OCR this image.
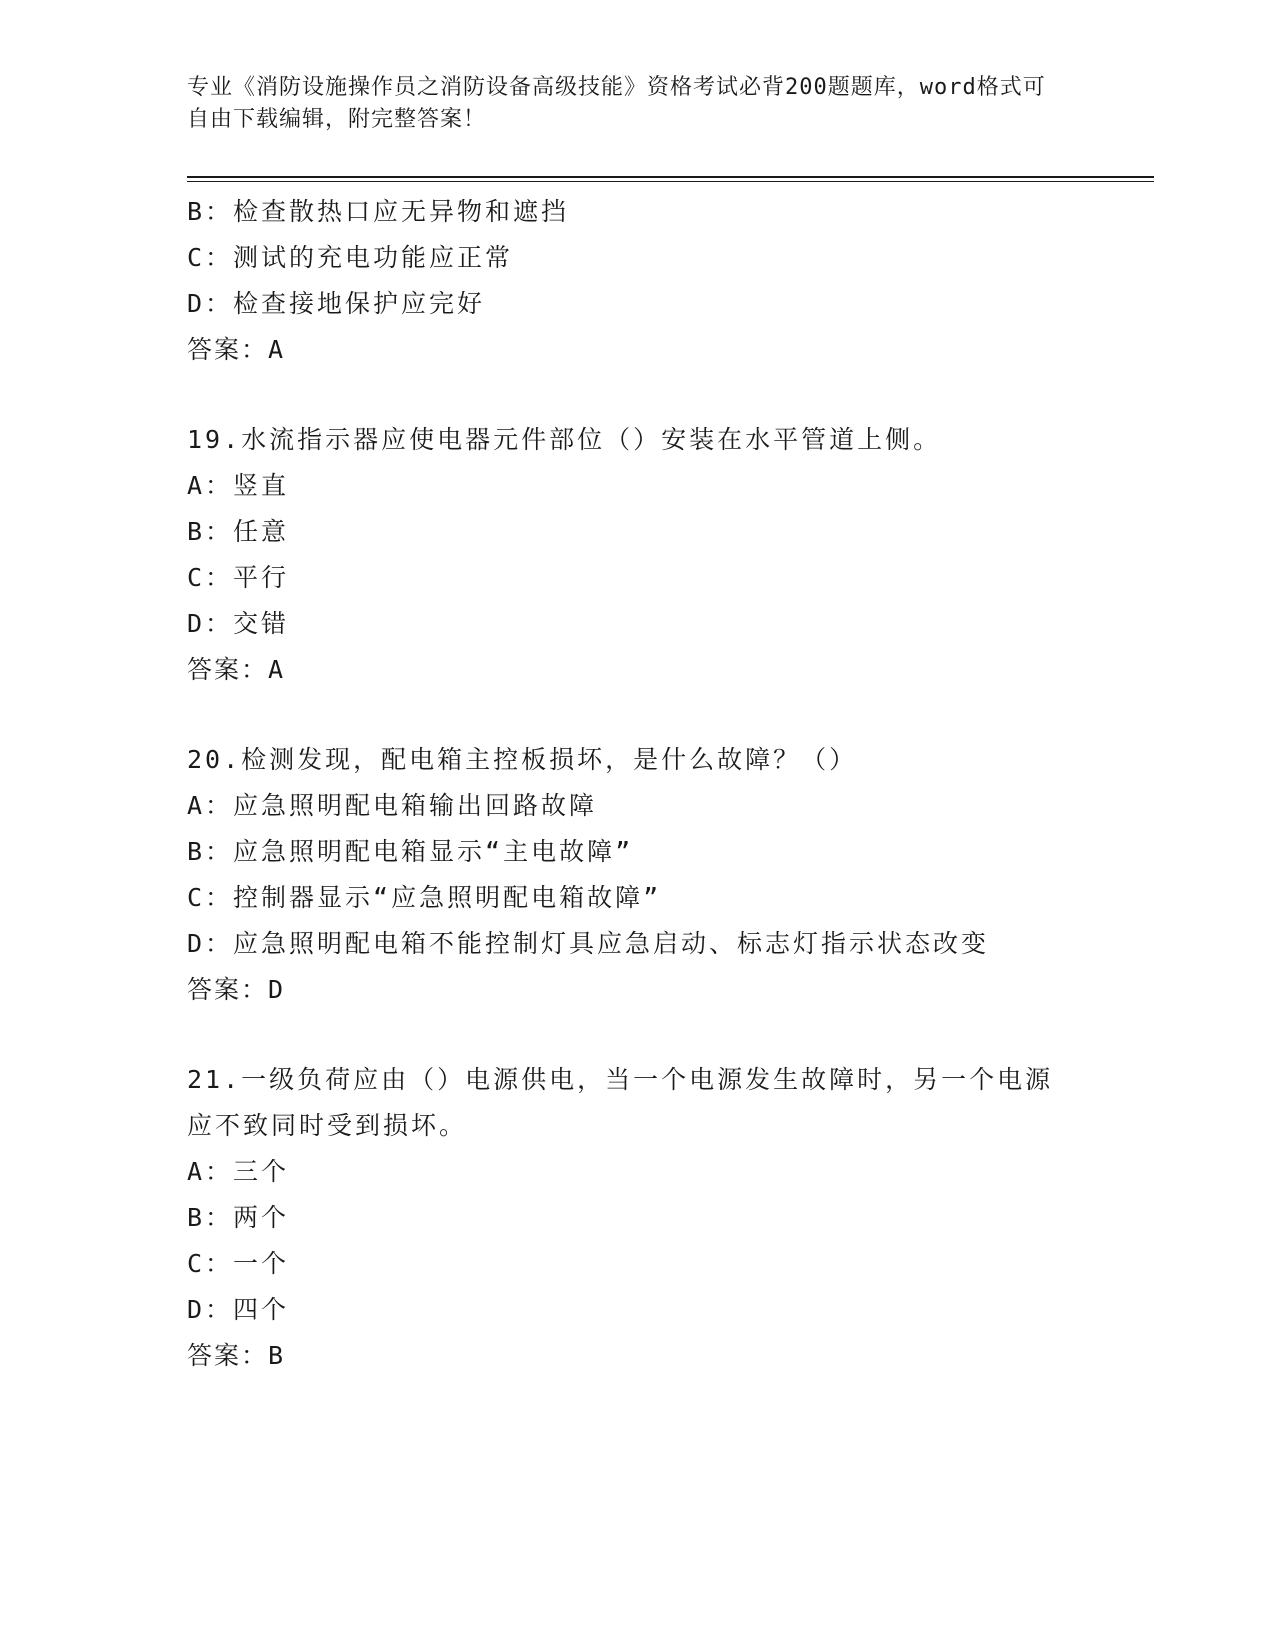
专业《消防设施操作员之消防设备高级技能》资格考试必背200题题库，word格式可自由下载编辑，附完整答案！
B：检查散热口应无异物和遮挡
C：测试的充电功能应正常
D：检查接地保护应完好
答案：A
19.水流指示器应使电器元件部位（）安装在水平管道上侧。
A：竖直
B：任意
C：平行
D：交错
答案：A
20.检测发现，配电箱主控板损坏，是什么故障？（）
A：应急照明配电箱输出回路故障
B：应急照明配电箱显示“主电故障”
C：控制器显示“应急照明配电箱故障”
D：应急照明配电箱不能控制灯具应急启动、标志灯指示状态改变
答案：D
21.一级负荷应由（）电源供电，当一个电源发生故障时，另一个电源应不致同时受到损坏。
A：三个
B：两个
C：一个
D：四个
答案：B
